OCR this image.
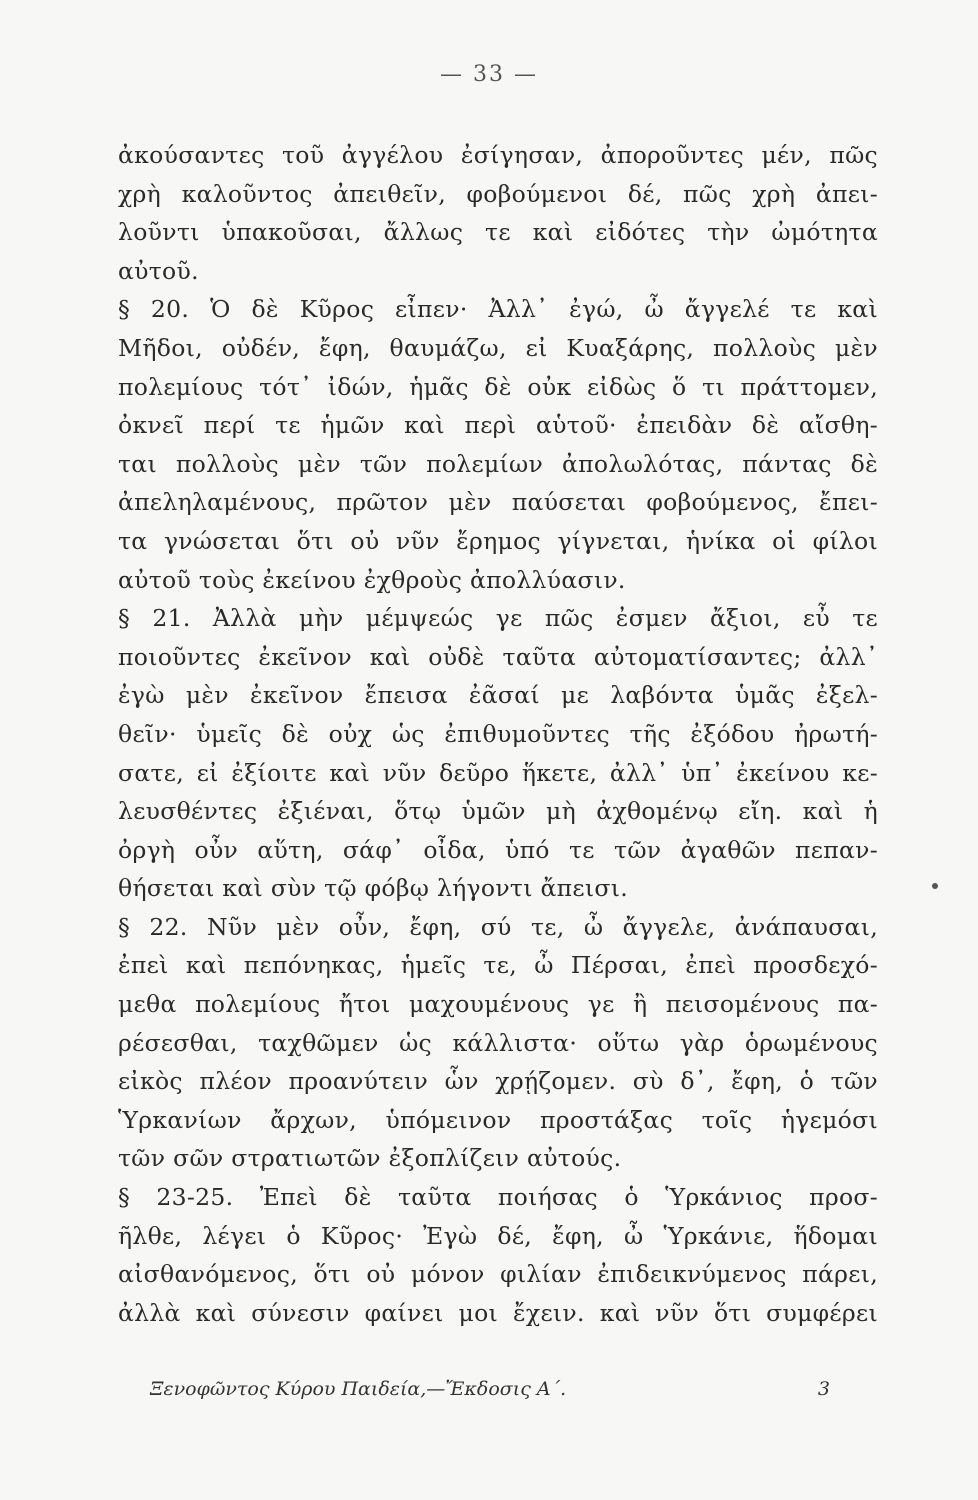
— 33 —
ἀκούσαντες τοῦ ἀγγέλου ἐσίγησαν, ἀποροῦντες μέν, πῶς
χρὴ καλοῦντος ἀπειθεῖν, φοβούμενοι δέ, πῶς χρὴ ἀπει-
λοῦντι ὑπακοῦσαι, ἄλλως τε καὶ εἰδότες τὴν ὠμότητα
αὐτοῦ.
§ 20. Ὁ δὲ Κῦρος εἶπεν· Ἀλλ᾽ ἐγώ, ὦ ἄγγελέ τε καὶ
Μῆδοι, οὐδέν, ἔφη, θαυμάζω, εἰ Κυαξάρης, πολλοὺς μὲν
πολεμίους τότ᾽ ἰδών, ἡμᾶς δὲ οὐκ εἰδὼς ὅ τι πράττομεν,
ὀκνεῖ περί τε ἡμῶν καὶ περὶ αὑτοῦ· ἐπειδὰν δὲ αἴσθη-
ται πολλοὺς μὲν τῶν πολεμίων ἀπολωλότας, πάντας δὲ
ἀπεληλαμένους, πρῶτον μὲν παύσεται φοβούμενος, ἔπει-
τα γνώσεται ὅτι οὐ νῦν ἔρημος γίγνεται, ἡνίκα οἱ φίλοι
αὐτοῦ τοὺς ἐκείνου ἐχθροὺς ἀπολλύασιν.
§ 21. Ἀλλὰ μὴν μέμψεώς γε πῶς ἐσμεν ἄξιοι, εὖ τε
ποιοῦντες ἐκεῖνον καὶ οὐδὲ ταῦτα αὐτοματίσαντες; ἀλλ᾽
ἐγὼ μὲν ἐκεῖνον ἔπεισα ἐᾶσαί με λαβόντα ὑμᾶς ἐξελ-
θεῖν· ὑμεῖς δὲ οὐχ ὡς ἐπιθυμοῦντες τῆς ἐξόδου ἠρωτή-
σατε, εἰ ἐξίοιτε καὶ νῦν δεῦρο ἥκετε, ἀλλ᾽ ὑπ᾽ ἐκείνου κε-
λευσθέντες ἐξιέναι, ὅτῳ ὑμῶν μὴ ἀχθομένῳ εἴη. καὶ ἡ
ὀργὴ οὖν αὕτη, σάφ᾽ οἶδα, ὑπό τε τῶν ἀγαθῶν πεπαν-
θήσεται καὶ σὺν τῷ φόβῳ λήγοντι ἄπεισι.
§ 22. Νῦν μὲν οὖν, ἔφη, σύ τε, ὦ ἄγγελε, ἀνάπαυσαι,
ἐπεὶ καὶ πεπόνηκας, ἡμεῖς τε, ὦ Πέρσαι, ἐπεὶ προσδεχό-
μεθα πολεμίους ἤτοι μαχουμένους γε ἢ πεισομένους πα-
ρέσεσθαι, ταχθῶμεν ὡς κάλλιστα· οὕτω γὰρ ὁρωμένους
εἰκὸς πλέον προανύτειν ὧν χρῄζομεν. σὺ δ᾽, ἔφη, ὁ τῶν
Ὑρκανίων ἄρχων, ὑπόμεινον προστάξας τοῖς ἡγεμόσι
τῶν σῶν στρατιωτῶν ἐξοπλίζειν αὐτούς.
§ 23-25. Ἐπεὶ δὲ ταῦτα ποιήσας ὁ Ὑρκάνιος προσ-
ῆλθε, λέγει ὁ Κῦρος· Ἐγὼ δέ, ἔφη, ὦ Ὑρκάνιε, ἥδομαι
αἰσθανόμενος, ὅτι οὐ μόνον φιλίαν ἐπιδεικνύμενος πάρει,
ἀλλὰ καὶ σύνεσιν φαίνει μοι ἔχειν. καὶ νῦν ὅτι συμφέρει
Ξενοφῶντος Κύρου Παιδεία,—Ἔκδοσις Α΄.	3
